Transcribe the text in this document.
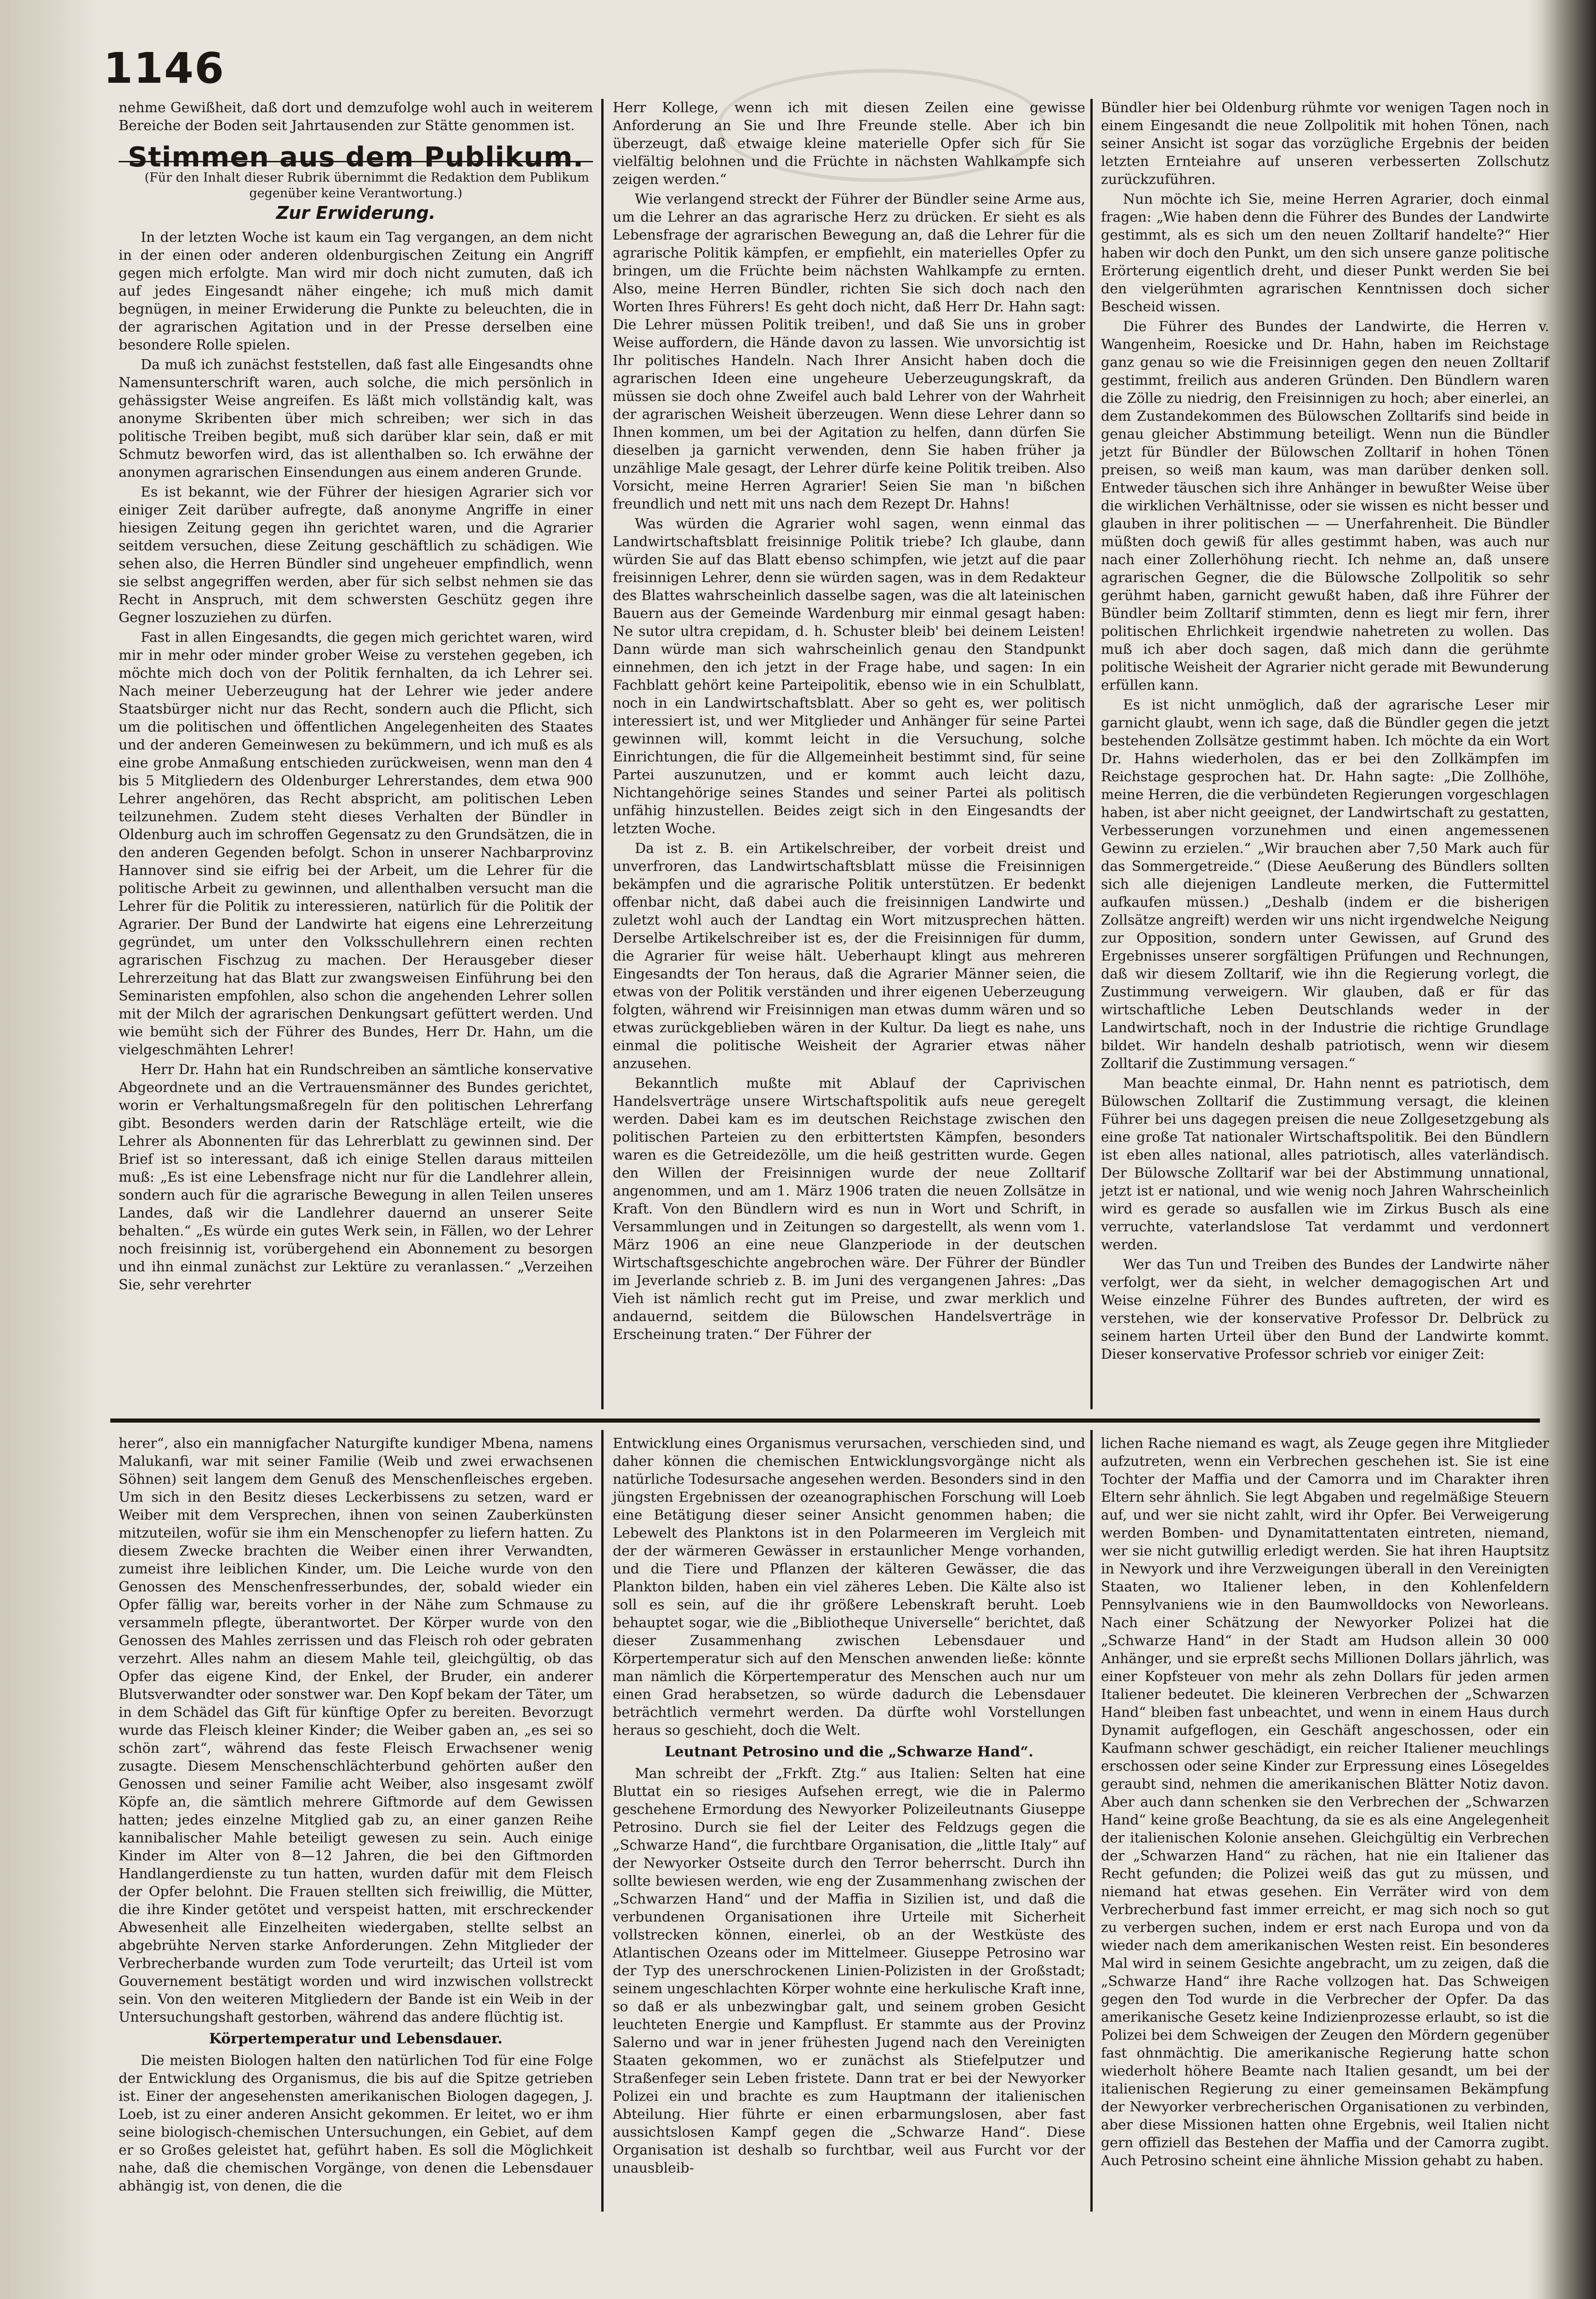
1146

nehme Gewißheit, daß dort und demzufolge wohl auch in weiterem Bereiche der Boden seit Jahrtausenden zur Stätte genommen ist.

Stimmen aus dem Publikum.

(Für den Inhalt dieser Rubrik übernimmt die Redaktion dem Publikum gegenüber keine Verantwortung.)

Zur Erwiderung.

In der letzten Woche ist kaum ein Tag vergangen, an dem nicht in der einen oder anderen oldenburgischen Zeitung ein Angriff gegen mich erfolgte. Man wird mir doch nicht zumuten, daß ich auf jedes Eingesandt näher eingehe; ich muß mich damit begnügen, in meiner Erwiderung die Punkte zu beleuchten, die in der agrarischen Agitation und in der Presse derselben eine besondere Rolle spielen.

Da muß ich zunächst feststellen, daß fast alle Eingesandts ohne Namensunterschrift waren, auch solche, die mich persönlich in gehässigster Weise angreifen. Es läßt mich vollständig kalt, was anonyme Skribenten über mich schreiben; wer sich in das politische Treiben begibt, muß sich darüber klar sein, daß er mit Schmutz beworfen wird, das ist allenthalben so. Ich erwähne der anonymen agrarischen Einsendungen aus einem anderen Grunde.

Es ist bekannt, wie der Führer der hiesigen Agrarier sich vor einiger Zeit darüber aufregte, daß anonyme Angriffe in einer hiesigen Zeitung gegen ihn gerichtet waren, und die Agrarier seitdem versuchen, diese Zeitung geschäftlich zu schädigen. Wie sehen also, die Herren Bündler sind ungeheuer empfindlich, wenn sie selbst angegriffen werden, aber für sich selbst nehmen sie das Recht in Anspruch, mit dem schwersten Geschütz gegen ihre Gegner loszuziehen zu dürfen.

Fast in allen Eingesandts, die gegen mich gerichtet waren, wird mir in mehr oder minder grober Weise zu verstehen gegeben, ich möchte mich doch von der Politik fernhalten, da ich Lehrer sei. Nach meiner Ueberzeugung hat der Lehrer wie jeder andere Staatsbürger nicht nur das Recht, sondern auch die Pflicht, sich um die politischen und öffentlichen Angelegenheiten des Staates und der anderen Gemeinwesen zu bekümmern, und ich muß es als eine grobe Anmaßung entschieden zurückweisen, wenn man den 4 bis 5 Mitgliedern des Oldenburger Lehrerstandes, dem etwa 900 Lehrer angehören, das Recht abspricht, am politischen Leben teilzunehmen. Zudem steht dieses Verhalten der Bündler in Oldenburg auch im schroffen Gegensatz zu den Grundsätzen, die in den anderen Gegenden befolgt. Schon in unserer Nachbarprovinz Hannover sind sie eifrig bei der Arbeit, um die Lehrer für die politische Arbeit zu gewinnen, und allenthalben versucht man die Lehrer für die Politik zu interessieren, natürlich für die Politik der Agrarier. Der Bund der Landwirte hat eigens eine Lehrerzeitung gegründet, um unter den Volksschullehrern einen rechten agrarischen Fischzug zu machen. Der Herausgeber dieser Lehrerzeitung hat das Blatt zur zwangsweisen Einführung bei den Seminaristen empfohlen, also schon die angehenden Lehrer sollen mit der Milch der agrarischen Denkungsart gefüttert werden. Und wie bemüht sich der Führer des Bundes, Herr Dr. Hahn, um die vielgeschmähten Lehrer!

Herr Dr. Hahn hat ein Rundschreiben an sämtliche konservative Abgeordnete und an die Vertrauensmänner des Bundes gerichtet, worin er Verhaltungsmaßregeln für den politischen Lehrerfang gibt. Besonders werden darin der Ratschläge erteilt, wie die Lehrer als Abonnenten für das Lehrerblatt zu gewinnen sind. Der Brief ist so interessant, daß ich einige Stellen daraus mitteilen muß: „Es ist eine Lebensfrage nicht nur für die Landlehrer allein, sondern auch für die agrarische Bewegung in allen Teilen unseres Landes, daß wir die Landlehrer dauernd an unserer Seite behalten.“ „Es würde ein gutes Werk sein, in Fällen, wo der Lehrer noch freisinnig ist, vorübergehend ein Abonnement zu besorgen und ihn einmal zunächst zur Lektüre zu veranlassen.“ „Verzeihen Sie, sehr verehrter

Herr Kollege, wenn ich mit diesen Zeilen eine gewisse Anforderung an Sie und Ihre Freunde stelle. Aber ich bin überzeugt, daß etwaige kleine materielle Opfer sich für Sie vielfältig belohnen und die Früchte in nächsten Wahlkampfe sich zeigen werden.“

Wie verlangend streckt der Führer der Bündler seine Arme aus, um die Lehrer an das agrarische Herz zu drücken. Er sieht es als Lebensfrage der agrarischen Bewegung an, daß die Lehrer für die agrarische Politik kämpfen, er empfiehlt, ein materielles Opfer zu bringen, um die Früchte beim nächsten Wahlkampfe zu ernten. Also, meine Herren Bündler, richten Sie sich doch nach den Worten Ihres Führers! Es geht doch nicht, daß Herr Dr. Hahn sagt: Die Lehrer müssen Politik treiben!, und daß Sie uns in grober Weise auffordern, die Hände davon zu lassen. Wie unvorsichtig ist Ihr politisches Handeln. Nach Ihrer Ansicht haben doch die agrarischen Ideen eine ungeheure Ueberzeugungskraft, da müssen sie doch ohne Zweifel auch bald Lehrer von der Wahrheit der agrarischen Weisheit überzeugen. Wenn diese Lehrer dann so Ihnen kommen, um bei der Agitation zu helfen, dann dürfen Sie dieselben ja garnicht verwenden, denn Sie haben früher ja unzählige Male gesagt, der Lehrer dürfe keine Politik treiben. Also Vorsicht, meine Herren Agrarier! Seien Sie man 'n bißchen freundlich und nett mit uns nach dem Rezept Dr. Hahns!

Was würden die Agrarier wohl sagen, wenn einmal das Landwirtschaftsblatt freisinnige Politik triebe? Ich glaube, dann würden Sie auf das Blatt ebenso schimpfen, wie jetzt auf die paar freisinnigen Lehrer, denn sie würden sagen, was in dem Redakteur des Blattes wahrscheinlich dasselbe sagen, was die alt lateinischen Bauern aus der Gemeinde Wardenburg mir einmal gesagt haben: Ne sutor ultra crepidam, d. h. Schuster bleib' bei deinem Leisten! Dann würde man sich wahrscheinlich genau den Standpunkt einnehmen, den ich jetzt in der Frage habe, und sagen: In ein Fachblatt gehört keine Parteipolitik, ebenso wie in ein Schulblatt, noch in ein Landwirtschaftsblatt. Aber so geht es, wer politisch interessiert ist, und wer Mitglieder und Anhänger für seine Partei gewinnen will, kommt leicht in die Versuchung, solche Einrichtungen, die für die Allgemeinheit bestimmt sind, für seine Partei auszunutzen, und er kommt auch leicht dazu, Nichtangehörige seines Standes und seiner Partei als politisch unfähig hinzustellen. Beides zeigt sich in den Eingesandts der letzten Woche.

Da ist z. B. ein Artikelschreiber, der vorbeit dreist und unverfroren, das Landwirtschaftsblatt müsse die Freisinnigen bekämpfen und die agrarische Politik unterstützen. Er bedenkt offenbar nicht, daß dabei auch die freisinnigen Landwirte und zuletzt wohl auch der Landtag ein Wort mitzusprechen hätten. Derselbe Artikelschreiber ist es, der die Freisinnigen für dumm, die Agrarier für weise hält. Ueberhaupt klingt aus mehreren Eingesandts der Ton heraus, daß die Agrarier Männer seien, die etwas von der Politik verständen und ihrer eigenen Ueberzeugung folgten, während wir Freisinnigen man etwas dumm wären und so etwas zurückgeblieben wären in der Kultur. Da liegt es nahe, uns einmal die politische Weisheit der Agrarier etwas näher anzusehen.

Bekanntlich mußte mit Ablauf der Caprivischen Handelsverträge unsere Wirtschaftspolitik aufs neue geregelt werden. Dabei kam es im deutschen Reichstage zwischen den politischen Parteien zu den erbittertsten Kämpfen, besonders waren es die Getreidezölle, um die heiß gestritten wurde. Gegen den Willen der Freisinnigen wurde der neue Zolltarif angenommen, und am 1. März 1906 traten die neuen Zollsätze in Kraft. Von den Bündlern wird es nun in Wort und Schrift, in Versammlungen und in Zeitungen so dargestellt, als wenn vom 1. März 1906 an eine neue Glanzperiode in der deutschen Wirtschaftsgeschichte angebrochen wäre. Der Führer der Bündler im Jeverlande schrieb z. B. im Juni des vergangenen Jahres: „Das Vieh ist nämlich recht gut im Preise, und zwar merklich und andauernd, seitdem die Bülowschen Handelsverträge in Erscheinung traten.“ Der Führer der

Bündler hier bei Oldenburg rühmte vor wenigen Tagen noch in einem Eingesandt die neue Zollpolitik mit hohen Tönen, nach seiner Ansicht ist sogar das vorzügliche Ergebnis der beiden letzten Ernteiahre auf unseren verbesserten Zollschutz zurückzuführen.

Nun möchte ich Sie, meine Herren Agrarier, doch einmal fragen: „Wie haben denn die Führer des Bundes der Landwirte gestimmt, als es sich um den neuen Zolltarif handelte?“ Hier haben wir doch den Punkt, um den sich unsere ganze politische Erörterung eigentlich dreht, und dieser Punkt werden Sie bei den vielgerühmten agrarischen Kenntnissen doch sicher Bescheid wissen.

Die Führer des Bundes der Landwirte, die Herren v. Wangenheim, Roesicke und Dr. Hahn, haben im Reichstage ganz genau so wie die Freisinnigen gegen den neuen Zolltarif gestimmt, freilich aus anderen Gründen. Den Bündlern waren die Zölle zu niedrig, den Freisinnigen zu hoch; aber einerlei, an dem Zustandekommen des Bülowschen Zolltarifs sind beide in genau gleicher Abstimmung beteiligt. Wenn nun die Bündler jetzt für Bündler der Bülowschen Zolltarif in hohen Tönen preisen, so weiß man kaum, was man darüber denken soll. Entweder täuschen sich ihre Anhänger in bewußter Weise über die wirklichen Verhältnisse, oder sie wissen es nicht besser und glauben in ihrer politischen — — Unerfahrenheit. Die Bündler müßten doch gewiß für alles gestimmt haben, was auch nur nach einer Zollerhöhung riecht. Ich nehme an, daß unsere agrarischen Gegner, die die Bülowsche Zollpolitik so sehr gerühmt haben, garnicht gewußt haben, daß ihre Führer der Bündler beim Zolltarif stimmten, denn es liegt mir fern, ihrer politischen Ehrlichkeit irgendwie nahetreten zu wollen. Das muß ich aber doch sagen, daß mich dann die gerühmte politische Weisheit der Agrarier nicht gerade mit Bewunderung erfüllen kann.

Es ist nicht unmöglich, daß der agrarische Leser mir garnicht glaubt, wenn ich sage, daß die Bündler gegen die jetzt bestehenden Zollsätze gestimmt haben. Ich möchte da ein Wort Dr. Hahns wiederholen, das er bei den Zollkämpfen im Reichstage gesprochen hat. Dr. Hahn sagte: „Die Zollhöhe, meine Herren, die die verbündeten Regierungen vorgeschlagen haben, ist aber nicht geeignet, der Landwirtschaft zu gestatten, Verbesserungen vorzunehmen und einen angemessenen Gewinn zu erzielen.“ „Wir brauchen aber 7,50 Mark auch für das Sommergetreide.“ (Diese Aeußerung des Bündlers sollten sich alle diejenigen Landleute merken, die Futtermittel aufkaufen müssen.) „Deshalb (indem er die bisherigen Zollsätze angreift) werden wir uns nicht irgendwelche Neigung zur Opposition, sondern unter Gewissen, auf Grund des Ergebnisses unserer sorgfältigen Prüfungen und Rechnungen, daß wir diesem Zolltarif, wie ihn die Regierung vorlegt, die Zustimmung verweigern. Wir glauben, daß er für das wirtschaftliche Leben Deutschlands weder in der Landwirtschaft, noch in der Industrie die richtige Grundlage bildet. Wir handeln deshalb patriotisch, wenn wir diesem Zolltarif die Zustimmung versagen.“

Man beachte einmal, Dr. Hahn nennt es patriotisch, dem Bülowschen Zolltarif die Zustimmung versagt, die kleinen Führer bei uns dagegen preisen die neue Zollgesetzgebung als eine große Tat nationaler Wirtschaftspolitik. Bei den Bündlern ist eben alles national, alles patriotisch, alles vaterländisch. Der Bülowsche Zolltarif war bei der Abstimmung unnational, jetzt ist er national, und wie wenig noch Jahren Wahrscheinlich wird es gerade so ausfallen wie im Zirkus Busch als eine verruchte, vaterlandslose Tat verdammt und verdonnert werden.

Wer das Tun und Treiben des Bundes der Landwirte näher verfolgt, wer da sieht, in welcher demagogischen Art und Weise einzelne Führer des Bundes auftreten, der wird es verstehen, wie der konservative Professor Dr. Delbrück zu seinem harten Urteil über den Bund der Landwirte kommt. Dieser konservative Professor schrieb vor einiger Zeit:

herer“, also ein mannigfacher Naturgifte kundiger Mbena, namens Malukanfi, war mit seiner Familie (Weib und zwei erwachsenen Söhnen) seit langem dem Genuß des Menschenfleisches ergeben. Um sich in den Besitz dieses Leckerbissens zu setzen, ward er Weiber mit dem Versprechen, ihnen von seinen Zauberkünsten mitzuteilen, wofür sie ihm ein Menschenopfer zu liefern hatten. Zu diesem Zwecke brachten die Weiber einen ihrer Verwandten, zumeist ihre leiblichen Kinder, um. Die Leiche wurde von den Genossen des Menschenfresserbundes, der, sobald wieder ein Opfer fällig war, bereits vorher in der Nähe zum Schmause zu versammeln pflegte, überantwortet. Der Körper wurde von den Genossen des Mahles zerrissen und das Fleisch roh oder gebraten verzehrt. Alles nahm an diesem Mahle teil, gleichgültig, ob das Opfer das eigene Kind, der Enkel, der Bruder, ein anderer Blutsverwandter oder sonstwer war. Den Kopf bekam der Täter, um in dem Schädel das Gift für künftige Opfer zu bereiten. Bevorzugt wurde das Fleisch kleiner Kinder; die Weiber gaben an, „es sei so schön zart“, während das feste Fleisch Erwachsener wenig zusagte. Diesem Menschenschlächterbund gehörten außer den Genossen und seiner Familie acht Weiber, also insgesamt zwölf Köpfe an, die sämtlich mehrere Giftmorde auf dem Gewissen hatten; jedes einzelne Mitglied gab zu, an einer ganzen Reihe kannibalischer Mahle beteiligt gewesen zu sein. Auch einige Kinder im Alter von 8—12 Jahren, die bei den Giftmorden Handlangerdienste zu tun hatten, wurden dafür mit dem Fleisch der Opfer belohnt. Die Frauen stellten sich freiwillig, die Mütter, die ihre Kinder getötet und verspeist hatten, mit erschreckender Abwesenheit alle Einzelheiten wiedergaben, stellte selbst an abgebrühte Nerven starke Anforderungen. Zehn Mitglieder der Verbrecherbande wurden zum Tode verurteilt; das Urteil ist vom Gouvernement bestätigt worden und wird inzwischen vollstreckt sein. Von den weiteren Mitgliedern der Bande ist ein Weib in der Untersuchungshaft gestorben, während das andere flüchtig ist.

Körpertemperatur und Lebensdauer.

Die meisten Biologen halten den natürlichen Tod für eine Folge der Entwicklung des Organismus, die bis auf die Spitze getrieben ist. Einer der angesehensten amerikanischen Biologen dagegen, J. Loeb, ist zu einer anderen Ansicht gekommen. Er leitet, wo er ihm seine biologisch-chemischen Untersuchungen, ein Gebiet, auf dem er so Großes geleistet hat, geführt haben. Es soll die Möglichkeit nahe, daß die chemischen Vorgänge, von denen die Lebensdauer abhängig ist, von denen, die die

Entwicklung eines Organismus verursachen, verschieden sind, und daher können die chemischen Entwicklungsvorgänge nicht als natürliche Todesursache angesehen werden. Besonders sind in den jüngsten Ergebnissen der ozeanographischen Forschung will Loeb eine Betätigung dieser seiner Ansicht genommen haben; die Lebewelt des Planktons ist in den Polarmeeren im Vergleich mit der der wärmeren Gewässer in erstaunlicher Menge vorhanden, und die Tiere und Pflanzen der kälteren Gewässer, die das Plankton bilden, haben ein viel zäheres Leben. Die Kälte also ist soll es sein, auf die ihr größere Lebenskraft beruht. Loeb behauptet sogar, wie die „Bibliotheque Universelle“ berichtet, daß dieser Zusammenhang zwischen Lebensdauer und Körpertemperatur sich auf den Menschen anwenden ließe: könnte man nämlich die Körpertemperatur des Menschen auch nur um einen Grad herabsetzen, so würde dadurch die Lebensdauer beträchtlich vermehrt werden. Da dürfte wohl Vorstellungen heraus so geschieht, doch die Welt.

Leutnant Petrosino und die „Schwarze Hand“.

Man schreibt der „Frkft. Ztg.“ aus Italien: Selten hat eine Bluttat ein so riesiges Aufsehen erregt, wie die in Palermo geschehene Ermordung des Newyorker Polizeileutnants Giuseppe Petrosino. Durch sie fiel der Leiter des Feldzugs gegen die „Schwarze Hand“, die furchtbare Organisation, die „little Italy“ auf der Newyorker Ostseite durch den Terror beherrscht. Durch ihn sollte bewiesen werden, wie eng der Zusammenhang zwischen der „Schwarzen Hand“ und der Maffia in Sizilien ist, und daß die verbundenen Organisationen ihre Urteile mit Sicherheit vollstrecken können, einerlei, ob an der Westküste des Atlantischen Ozeans oder im Mittelmeer. Giuseppe Petrosino war der Typ des unerschrockenen Linien-Polizisten in der Großstadt; seinem ungeschlachten Körper wohnte eine herkulische Kraft inne, so daß er als unbezwingbar galt, und seinem groben Gesicht leuchteten Energie und Kampflust. Er stammte aus der Provinz Salerno und war in jener frühesten Jugend nach den Vereinigten Staaten gekommen, wo er zunächst als Stiefelputzer und Straßenfeger sein Leben fristete. Dann trat er bei der Newyorker Polizei ein und brachte es zum Hauptmann der italienischen Abteilung. Hier führte er einen erbarmungslosen, aber fast aussichtslosen Kampf gegen die „Schwarze Hand“. Diese Organisation ist deshalb so furchtbar, weil aus Furcht vor der unausbleib-

lichen Rache niemand es wagt, als Zeuge gegen ihre Mitglieder aufzutreten, wenn ein Verbrechen geschehen ist. Sie ist eine Tochter der Maffia und der Camorra und im Charakter ihren Eltern sehr ähnlich. Sie legt Abgaben und regelmäßige Steuern auf, und wer sie nicht zahlt, wird ihr Opfer. Bei Verweigerung werden Bomben- und Dynamitattentaten eintreten, niemand, wer sie nicht gutwillig erledigt werden. Sie hat ihren Hauptsitz in Newyork und ihre Verzweigungen überall in den Vereinigten Staaten, wo Italiener leben, in den Kohlenfeldern Pennsylvaniens wie in den Baumwolldocks von Neworleans. Nach einer Schätzung der Newyorker Polizei hat die „Schwarze Hand“ in der Stadt am Hudson allein 30 000 Anhänger, und sie erpreßt sechs Millionen Dollars jährlich, was einer Kopfsteuer von mehr als zehn Dollars für jeden armen Italiener bedeutet. Die kleineren Verbrechen der „Schwarzen Hand“ bleiben fast unbeachtet, und wenn in einem Haus durch Dynamit aufgeflogen, ein Geschäft angeschossen, oder ein Kaufmann schwer geschädigt, ein reicher Italiener meuchlings erschossen oder seine Kinder zur Erpressung eines Lösegeldes geraubt sind, nehmen die amerikanischen Blätter Notiz davon. Aber auch dann schenken sie den Verbrechen der „Schwarzen Hand“ keine große Beachtung, da sie es als eine Angelegenheit der italienischen Kolonie ansehen. Gleichgültig ein Verbrechen der „Schwarzen Hand“ zu rächen, hat nie ein Italiener das Recht gefunden; die Polizei weiß das gut zu müssen, und niemand hat etwas gesehen. Ein Verräter wird von dem Verbrecherbund fast immer erreicht, er mag sich noch so gut zu verbergen suchen, indem er erst nach Europa und von da wieder nach dem amerikanischen Westen reist. Ein besonderes Mal wird in seinem Gesichte angebracht, um zu zeigen, daß die „Schwarze Hand“ ihre Rache vollzogen hat. Das Schweigen gegen den Tod wurde in die Verbrecher der Opfer. Da das amerikanische Gesetz keine Indizienprozesse erlaubt, so ist die Polizei bei dem Schweigen der Zeugen den Mördern gegenüber fast ohnmächtig. Die amerikanische Regierung hatte schon wiederholt höhere Beamte nach Italien gesandt, um bei der italienischen Regierung zu einer gemeinsamen Bekämpfung der Newyorker verbrecherischen Organisationen zu verbinden, aber diese Missionen hatten ohne Ergebnis, weil Italien nicht gern offiziell das Bestehen der Maffia und der Camorra zugibt. Auch Petrosino scheint eine ähnliche Mission gehabt zu haben.
